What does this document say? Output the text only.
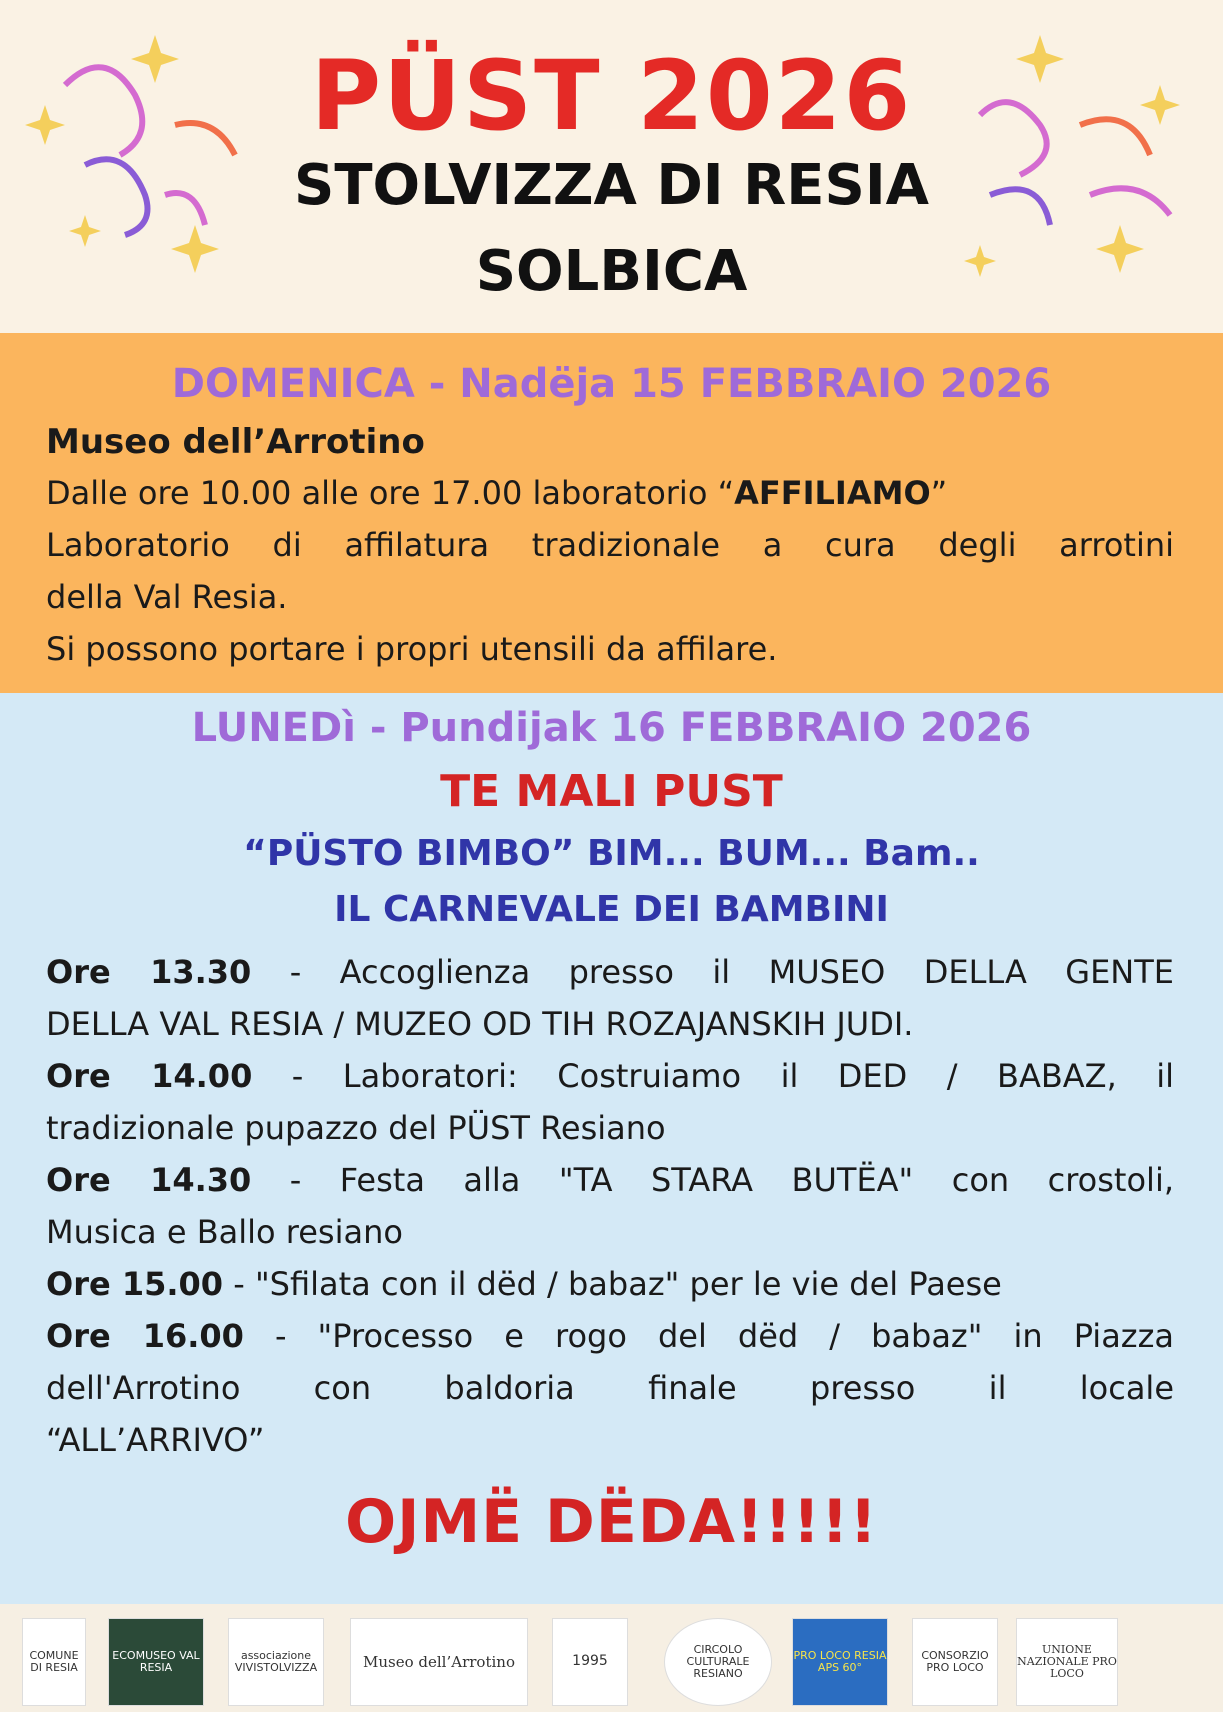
PÜST 2026
STOLVIZZA DI RESIA
SOLBICA
DOMENICA - Nadëja 15 FEBBRAIO 2026
Museo dell’Arrotino
Dalle ore 10.00 alle ore 17.00 laboratorio “AFFILIAMO”
Laboratorio di affilatura tradizionale a cura degli arrotini
della Val Resia.
Si possono portare i propri utensili da affilare.
LUNEDì - Pundijak 16 FEBBRAIO 2026
TE MALI PUST
“PÜSTO BIMBO” BIM... BUM... Bam..
IL CARNEVALE DEI BAMBINI
Ore 13.30 - Accoglienza presso il MUSEO DELLA GENTE
DELLA VAL RESIA / MUZEO OD TIH ROZAJANSKIH JUDI.
Ore 14.00 - Laboratori: Costruiamo il DED / BABAZ, il
tradizionale pupazzo del PÜST Resiano
Ore 14.30 - Festa alla "TA STARA BUTËA" con crostoli,
Musica e Ballo resiano
Ore 15.00 - "Sfilata con il dëd / babaz" per le vie del Paese
Ore 16.00 - "Processo e rogo del dëd / babaz" in Piazza
dell'Arrotino con baldoria finale presso il locale
“ALL’ARRIVO”
OJMË DËDA!!!!!
COMUNE DI RESIA
ECOMUSEO VAL RESIA
associazione VIVISTOLVIZZA	Museo dell’Arrotino	1995
CIRCOLO CULTURALE RESIANO
PRO LOCO RESIA APS 60°
CONSORZIO PRO LOCO
UNIONE NAZIONALE PRO LOCO
